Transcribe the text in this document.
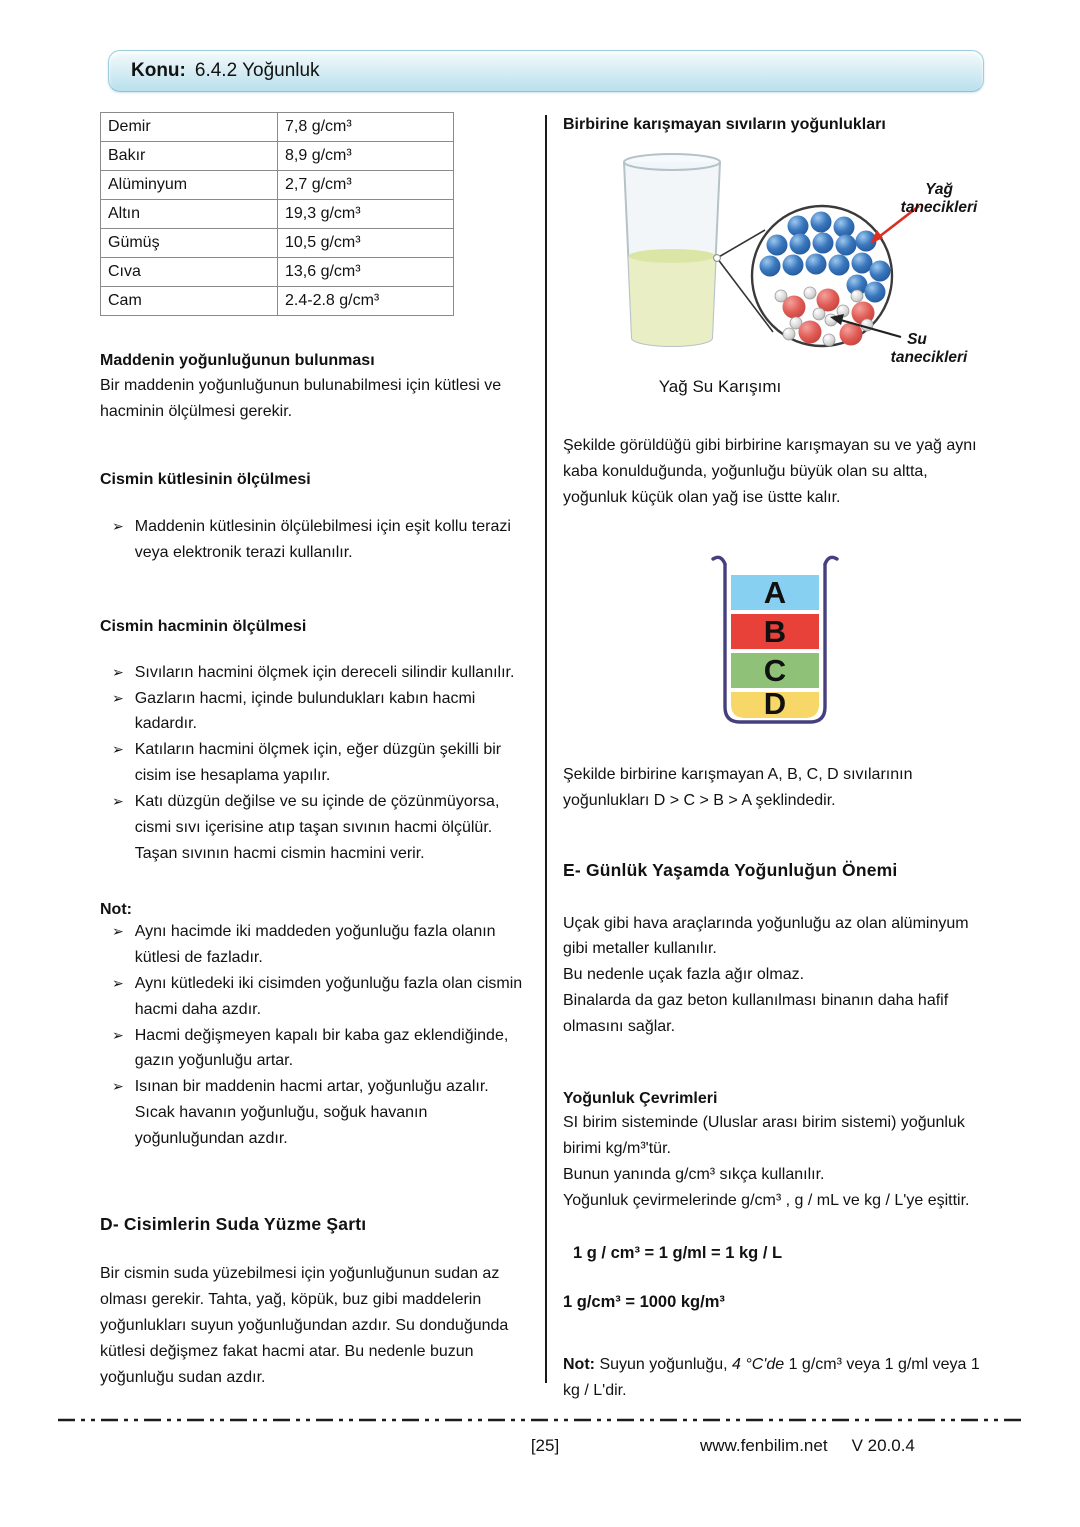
Konu: 6.4.2 Yoğunluk
Demir	7,8 g/cm³
Bakır	8,9 g/cm³
Alüminyum	2,7 g/cm³
Altın	19,3 g/cm³
Gümüş	10,5 g/cm³
Cıva	13,6 g/cm³
Cam	2.4-2.8 g/cm³
Maddenin yoğunluğunun bulunması

Bir maddenin yoğunluğunun bulunabilmesi için kütlesi ve hacminin ölçülmesi gerekir.

Cismin kütlesinin ölçülmesi
➢ Maddenin kütlesinin ölçülebilmesi için eşit kollu terazi veya elektronik terazi kullanılır.
Cismin hacminin ölçülmesi
➢ Sıvıların hacmini ölçmek için dereceli silindir kullanılır.
➢ Gazların hacmi, içinde bulundukları kabın hacmi kadardır.
➢ Katıların hacmini ölçmek için, eğer düzgün şekilli bir cisim ise hesaplama yapılır.
➢ Katı düzgün değilse ve su içinde de çözünmüyorsa, cismi sıvı içerisine atıp taşan sıvının hacmi ölçülür. Taşan sıvının hacmi cismin hacmini verir.
Not:
➢ Aynı hacimde iki maddeden yoğunluğu fazla olanın kütlesi de fazladır.
➢ Aynı kütledeki iki cisimden yoğunluğu fazla olan cismin hacmi daha azdır.
➢ Hacmi değişmeyen kapalı bir kaba gaz eklendiğinde, gazın yoğunluğu artar.
➢ Isınan bir maddenin hacmi artar, yoğunluğu azalır. Sıcak havanın yoğunluğu, soğuk havanın yoğunluğundan azdır.
D- Cisimlerin Suda Yüzme Şartı

Bir cismin suda yüzebilmesi için yoğunluğunun sudan az olması gerekir. Tahta, yağ, köpük, buz gibi maddelerin yoğunlukları suyun yoğunluğundan azdır. Su donduğunda kütlesi değişmez fakat hacmi atar. Bu nedenle buzun yoğunluğu sudan azdır.

Birbirine karışmayan sıvıların yoğunlukları
Yağ
tanecikleri
Su
tanecikleri
Yağ Su Karışımı

Şekilde görüldüğü gibi birbirine karışmayan su ve yağ aynı kaba konulduğunda, yoğunluğu büyük olan su altta, yoğunluk küçük olan yağ ise üstte kalır.

A
B
C
D

Şekilde birbirine karışmayan A, B, C, D sıvılarının yoğunlukları D > C > B > A şeklindedir.

E- Günlük Yaşamda Yoğunluğun Önemi
Uçak gibi hava araçlarında yoğunluğu az olan alüminyum gibi metaller kullanılır.
Bu nedenle uçak fazla ağır olmaz.
Binalarda da gaz beton kullanılması binanın daha hafif olmasını sağlar.
Yoğunluk Çevrimleri
SI birim sisteminde (Uluslar arası birim sistemi) yoğunluk birimi kg/m³'tür.
Bunun yanında g/cm³ sıkça kullanılır.
Yoğunluk çevirmelerinde g/cm³ , g / mL ve kg / L'ye eşittir.
1 g / cm³ = 1 g/ml = 1 kg / L
1 g/cm³ = 1000 kg/m³

Not: Suyun yoğunluğu, 4 °C'de 1 g/cm³ veya 1 g/ml veya 1 kg / L'dir.

[25]	www.fenbilim.net V 20.0.4
